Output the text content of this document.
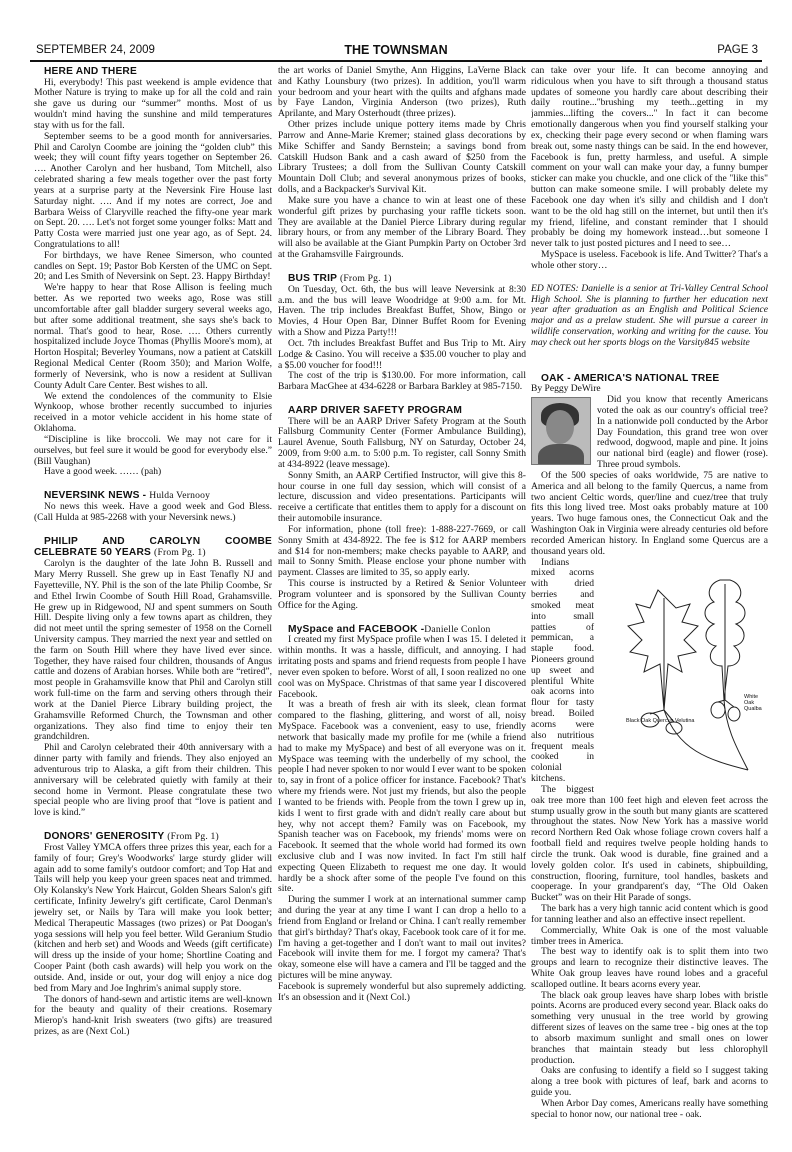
SEPTEMBER 24, 2009	THE TOWNSMAN	PAGE 3

HERE AND THERE

Hi, everybody! This past weekend is ample evidence that Mother Nature is trying to make up for all the cold and rain she gave us during our “summer” months. Most of us wouldn't mind having the sunshine and mild temperatures stay with us for the fall.

September seems to be a good month for anniversaries. Phil and Carolyn Coombe are joining the “golden club” this week; they will count fifty years together on September 26. …. Another Carolyn and her husband, Tom Mitchell, also celebrated sharing a few meals together over the past forty years at a surprise party at the Neversink Fire House last Saturday night. …. And if my notes are correct, Joe and Barbara Weiss of Claryville reached the fifty-one year mark on Sept. 20. …. Let's not forget some younger folks: Matt and Patty Costa were married just one year ago, as of Sept. 24. Congratulations to all!

For birthdays, we have Renee Simerson, who counted candles on Sept. 19; Pastor Bob Kersten of the UMC on Sept. 20; and Les Smith of Neversink on Sept. 23. Happy Birthday!

We're happy to hear that Rose Allison is feeling much better. As we reported two weeks ago, Rose was still uncomfortable after gall bladder surgery several weeks ago, but after some additional treatment, she says she's back to normal. That's good to hear, Rose. …. Others currently hospitalized include Joyce Thomas (Phyllis Moore's mom), at Horton Hospital; Beverley Youmans, now a patient at Catskill Regional Medical Center (Room 350); and Marion Wolfe, formerly of Neversink, who is now a resident at Sullivan County Adult Care Center. Best wishes to all.

We extend the condolences of the community to Elsie Wynkoop, whose brother recently succumbed to injuries received in a motor vehicle accident in his home state of Oklahoma.

“Discipline is like broccoli. We may not care for it ourselves, but feel sure it would be good for everybody else.” (Bill Vaughan)

Have a good week. …… (pah)

NEVERSINK NEWS - Hulda Vernooy

No news this week. Have a good week and God Bless. (Call Hulda at 985-2268 with your Neversink news.)

PHILIP AND CAROLYN COOMBE CELEBRATE 50 YEARS (From Pg. 1)

Carolyn is the daughter of the late John B. Russell and Mary Merry Russell. She grew up in East Tenafly NJ and Fayetteville, NY. Phil is the son of the late Philip Coombe, Sr and Ethel Irwin Coombe of South Hill Road, Grahamsville. He grew up in Ridgewood, NJ and spent summers on South Hill. Despite living only a few towns apart as children, they did not meet until the spring semester of 1958 on the Cornell University campus. They married the next year and settled on the farm on South Hill where they have lived ever since. Together, they have raised four children, thousands of Angus cattle and dozens of Arabian horses. While both are “retired”, most people in Grahamsville know that Phil and Carolyn still work full-time on the farm and serving others through their work at the Daniel Pierce Library building project, the Grahamsville Reformed Church, the Townsman and other organizations. They also find time to enjoy their ten grandchildren.

Phil and Carolyn celebrated their 40th anniversary with a dinner party with family and friends. They also enjoyed an adventurous trip to Alaska, a gift from their children. This anniversary will be celebrated quietly with family at their second home in Vermont. Please congratulate these two special people who are living proof that “love is patient and love is kind.”

DONORS' GENEROSITY (From Pg. 1)

Frost Valley YMCA offers three prizes this year, each for a family of four; Grey's Woodworks' large sturdy glider will again add to some family's outdoor comfort; and Top Hat and Tails will help you keep your green spaces neat and trimmed. Oly Kolansky's New York Haircut, Golden Shears Salon's gift certificate, Infinity Jewelry's gift certificate, Carol Denman's jewelry set, or Nails by Tara will make you look better; Medical Therapeutic Massages (two prizes) or Pat Doogan's yoga sessions will help you feel better. Wild Geranium Studio (kitchen and herb set) and Woods and Weeds (gift certificate) will dress up the inside of your home; Shortline Coating and Cooper Paint (both cash awards) will help you work on the outside. And, inside or out, your dog will enjoy a nice dog bed from Mary and Joe Inghrim's animal supply store.

The donors of hand-sewn and artistic items are well-known for the beauty and quality of their creations. Rosemary Mierop's hand-knit Irish sweaters (two gifts) are treasured prizes, as are (Next Col.)

the art works of Daniel Smythe, Ann Higgins, LaVerne Black and Kathy Lounsbury (two prizes). In addition, you'll warm your bedroom and your heart with the quilts and afghans made by Faye Landon, Virginia Anderson (two prizes), Ruth Aprilante, and Mary Osterhoudt (three prizes).

Other prizes include unique pottery items made by Chris Parrow and Anne-Marie Kremer; stained glass decorations by Mike Schiffer and Sandy Bernstein; a savings bond from Catskill Hudson Bank and a cash award of $250 from the Library Trustees; a doll from the Sullivan County Catskill Mountain Doll Club; and several anonymous prizes of books, dolls, and a Backpacker's Survival Kit.

Make sure you have a chance to win at least one of these wonderful gift prizes by purchasing your raffle tickets soon. They are available at the Daniel Pierce Library during regular library hours, or from any member of the Library Board. They will also be available at the Giant Pumpkin Party on October 3rd at the Grahamsville Fairgrounds.

BUS TRIP (From Pg. 1)

On Tuesday, Oct. 6th, the bus will leave Neversink at 8:30 a.m. and the bus will leave Woodridge at 9:00 a.m. for Mt. Haven. The trip includes Breakfast Buffet, Show, Bingo or Movies, 4 Hour Open Bar, Dinner Buffet Room for Evening with a Show and Pizza Party!!!

Oct. 7th includes Breakfast Buffet and Bus Trip to Mt. Airy Lodge & Casino. You will receive a $35.00 voucher to play and a $5.00 voucher for food!!!

The cost of the trip is $130.00. For more information, call Barbara MacGhee at 434-6228 or Barbara Barkley at 985-7150.

AARP DRIVER SAFETY PROGRAM

There will be an AARP Driver Safety Program at the South Fallsburg Community Center (Former Ambulance Building), Laurel Avenue, South Fallsburg, NY on Saturday, October 24, 2009, from 9:00 a.m. to 5:00 p.m. To register, call Sonny Smith at 434-8922 (leave message).

Sonny Smith, an AARP Certified Instructor, will give this 8-hour course in one full day session, which will consist of a lecture, discussion and video presentations. Participants will receive a certificate that entitles them to apply for a discount on their automobile insurance.

For information, phone (toll free): 1-888-227-7669, or call Sonny Smith at 434-8922. The fee is $12 for AARP members and $14 for non-members; make checks payable to AARP, and mail to Sonny Smith. Please enclose your phone number with payment. Classes are limited to 35, so apply early.

This course is instructed by a Retired & Senior Volunteer Program volunteer and is sponsored by the Sullivan County Office for the Aging.

MySpace and FACEBOOK -Danielle Conlon

I created my first MySpace profile when I was 15. I deleted it within months. It was a hassle, difficult, and annoying. I had irritating posts and spams and friend requests from people I have never even spoken to before. Worst of all, I soon realized no one cool was on MySpace. Christmas of that same year I discovered Facebook.

It was a breath of fresh air with its sleek, clean format compared to the flashing, glittering, and worst of all, noisy MySpace. Facebook was a convenient, easy to use, friendly network that basically made my profile for me (while a friend had to make my MySpace) and best of all everyone was on it. MySpace was teeming with the underbelly of my school, the people I had never spoken to nor would I ever want to be spoken to, say in front of a police officer for instance. Facebook? That's where my friends were. Not just my friends, but also the people I wanted to be friends with. People from the town I grew up in, kids I went to first grade with and didn't really care about but hey, why not accept them? Family was on Facebook, my Spanish teacher was on Facebook, my friends' moms were on Facebook. It seemed that the whole world had formed its own exclusive club and I was now invited. In fact I'm still half expecting Queen Elizabeth to request me one day. It would hardly be a shock after some of the people I've found on this site.

During the summer I work at an international summer camp and during the year at any time I want I can drop a hello to a friend from England or Ireland or China. I can't really remember that girl's birthday? That's okay, Facebook took care of it for me. I'm having a get-together and I don't want to mail out invites? Facebook will invite them for me. I forgot my camera? That's okay, someone else will have a camera and I'll be tagged and the pictures will be mine anyway.

Facebook is supremely wonderful but also supremely addicting. It's an obsession and it (Next Col.)

can take over your life. It can become annoying and ridiculous when you have to sift through a thousand status updates of someone you hardly care about describing their daily routine..."brushing my teeth...getting in my jammies...lifting the covers..." In fact it can become emotionally dangerous when you find yourself stalking your ex, checking their page every second or when flaming wars break out, some nasty things can be said. In the end however, Facebook is fun, pretty harmless, and useful. A simple comment on your wall can make your day, a funny bumper sticker can make you chuckle, and one click of the "like this" button can make someone smile. I will probably delete my Facebook one day when it's silly and childish and I don't want to be the old hag still on the internet, but until then it's my friend, lifeline, and constant reminder that I should probably be doing my homework instead…but someone I never talk to just posted pictures and I need to see…

MySpace is useless. Facebook is life. And Twitter? That's a whole other story…

ED NOTES: Danielle is a senior at Tri-Valley Central School High School. She is planning to further her education next year after graduation as an English and Political Science major and as a prelaw student. She will pursue a career in wildlife conservation, working and writing for the cause. You may check out her sports blogs on the Varsity845 website

OAK - AMERICA'S NATIONAL TREE

By Peggy DeWire

Did you know that recently Americans voted the oak as our country's official tree? In a nationwide poll conducted by the Arbor Day Foundation, this grand tree won over redwood, dogwood, maple and pine. It joins our national bird (eagle) and flower (rose). Three proud symbols.

Of the 500 species of oaks worldwide, 75 are native to America and all belong to the family Quercus, a name from two ancient Celtic words, quer/line and cuez/tree that truly fits this long lived tree. Most oaks probably mature at 100 years. Two huge famous ones, the Connecticut Oak and the Washington Oak in Virginia were already centuries old before recorded American history. In England some Quercus are a thousand years old.

Black Oak Quercus Velutina
White Oak Qualba

Indians mixed acorns with dried berries and smoked meat into small patties of pemmican, a staple food. Pioneers ground up sweet and plentiful White oak acorns into flour for tasty bread. Boiled acorns were also nutritious frequent meals cooked in colonial kitchens.

The biggest oak tree more than 100 feet high and eleven feet across the stump usually grow in the south but many giants are scattered throughout the states. Now New York has a massive world record Northern Red Oak whose foliage crown covers half a football field and requires twelve people holding hands to circle the trunk. Oak wood is durable, fine grained and a lovely golden color. It's used in cabinets, shipbuilding, construction, flooring, furniture, tool handles, baskets and cooperage. In your grandparent's day, “The Old Oaken Bucket” was on their Hit Parade of songs.

The bark has a very high tannic acid content which is good for tanning leather and also an effective insect repellent.

Commercially, White Oak is one of the most valuable timber trees in America.

The best way to identify oak is to split them into two groups and learn to recognize their distinctive leaves. The White Oak group leaves have round lobes and a graceful scalloped outline. It bears acorns every year.

The black oak group leaves have sharp lobes with bristle points. Acorns are produced every second year. Black oaks do something very unusual in the tree world by growing different sizes of leaves on the same tree - big ones at the top to absorb maximum sunlight and small ones on lower branches that maintain steady but less chlorophyll production.

Oaks are confusing to identify a field so I suggest taking along a tree book with pictures of leaf, bark and acorns to guide you.

When Arbor Day comes, Americans really have something special to honor now, our national tree - oak.
